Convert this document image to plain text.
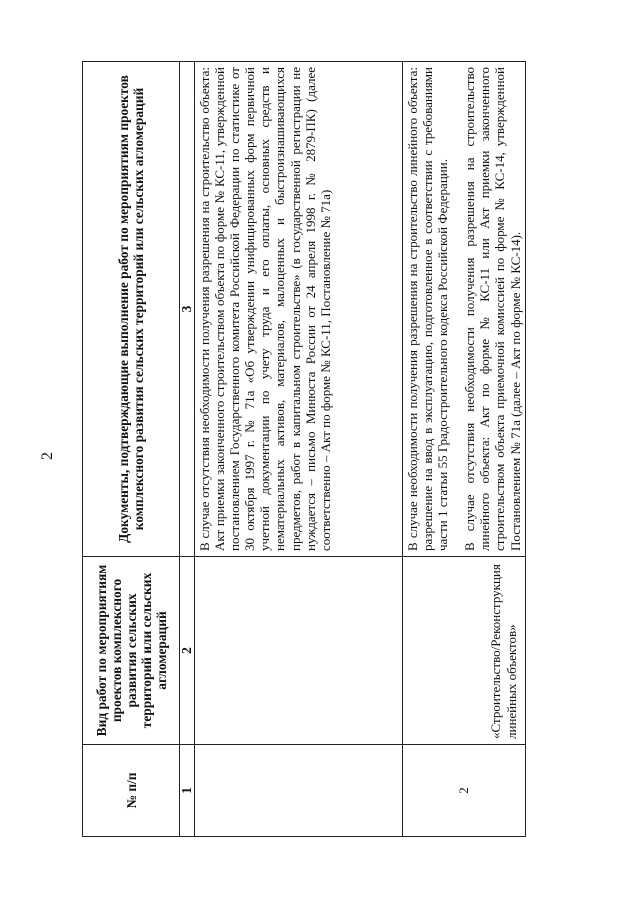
2
№ п/п	Вид работ по мероприятиям проектов комплексного развития сельских территорий или сельских агломераций	Документы, подтверждающие выполнение работ по мероприятиям проектов комплексного развития сельских территорий или сельских агломераций
1	2	3
		В случае отсутствия необходимости получения разрешения на строительство объекта: Акт приемки законченного строительством объекта по форме № КС-11, утвержденной постановлением Государственного комитета Российской Федерации по статистике от 30 октября 1997 г. № 71а «Об утверждении унифицированных форм первичной учетной документации по учету труда и его оплаты, основных средств и нематериальных активов, материалов, малоценных и быстроизнашивающихся предметов, работ в капитальном строительстве» (в государственной регистрации не нуждается – письмо Минюста России от 24 апреля 1998 г. № 2879-ПК) (далее соответственно – Акт по форме № КС-11, Постановление № 71а)
2	«Строительство/Реконструкция линейных объектов»	В случае необходимости получения разрешения на строительство линейного объекта: разрешение на ввод в эксплуатацию, подготовленное в соответствии с требованиями части 1 статьи 55 Градостроительного кодекса Российской Федерации. В случае отсутствия необходимости получения разрешения на строительство линейного объекта: Акт по форме № КС-11 или Акт приемки законченного строительством объекта приемочной комиссией по форме № КС-14, утвержденной Постановлением № 71а (далее – Акт по форме № КС-14).
